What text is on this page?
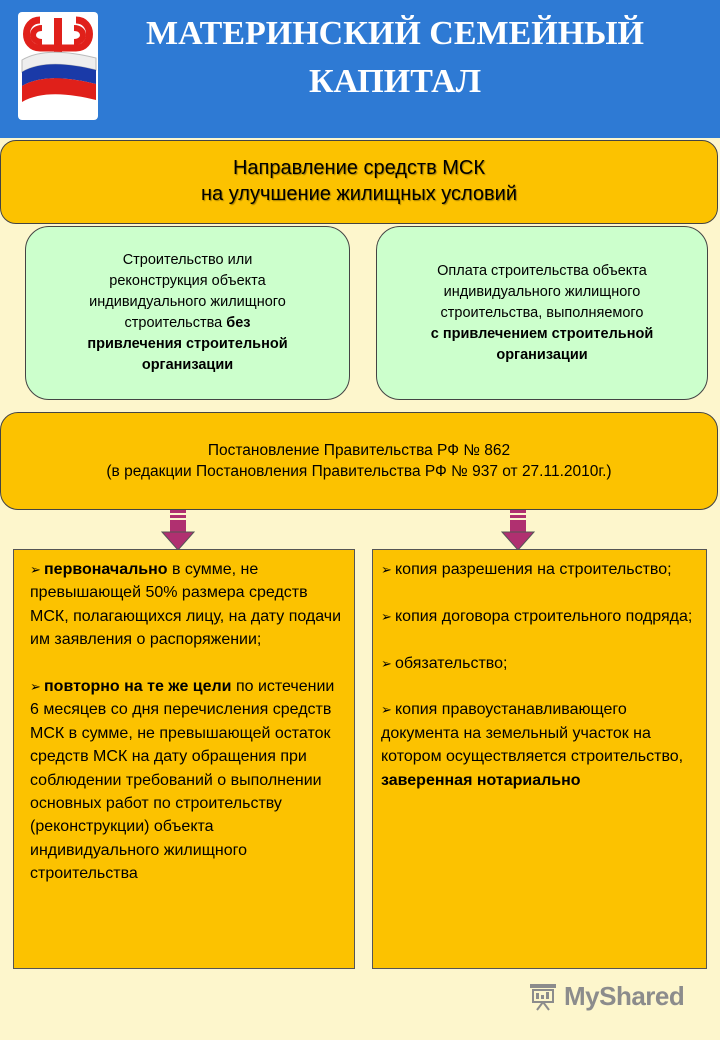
МАТЕРИНСКИЙ СЕМЕЙНЫЙ
КАПИТАЛ
Направление средств МСК
на улучшение жилищных условий
Строительство или
реконструкция объекта
индивидуального жилищного
строительства без
привлечения строительной
организации
Оплата строительства объекта
индивидуального жилищного
строительства, выполняемого
с привлечением строительной
организации
Постановление Правительства РФ № 862
(в редакции Постановления Правительства РФ № 937 от 27.11.2010г.)
➢ первоначально в сумме, не превышающей 50% размера средств МСК, полагающихся лицу, на дату подачи им заявления о распоряжении;
➢ повторно на те же цели по истечении 6 месяцев со дня перечисления средств МСК в сумме, не превышающей остаток средств МСК на дату обращения при соблюдении требований о выполнении основных работ по строительству (реконструкции) объекта индивидуального жилищного строительства
➢ копия разрешения на строительство;
➢ копия договора строительного подряда;
➢ обязательство;
➢ копия правоустанавливающего документа на земельный участок на котором осуществляется строительство, заверенная нотариально
MyShared
